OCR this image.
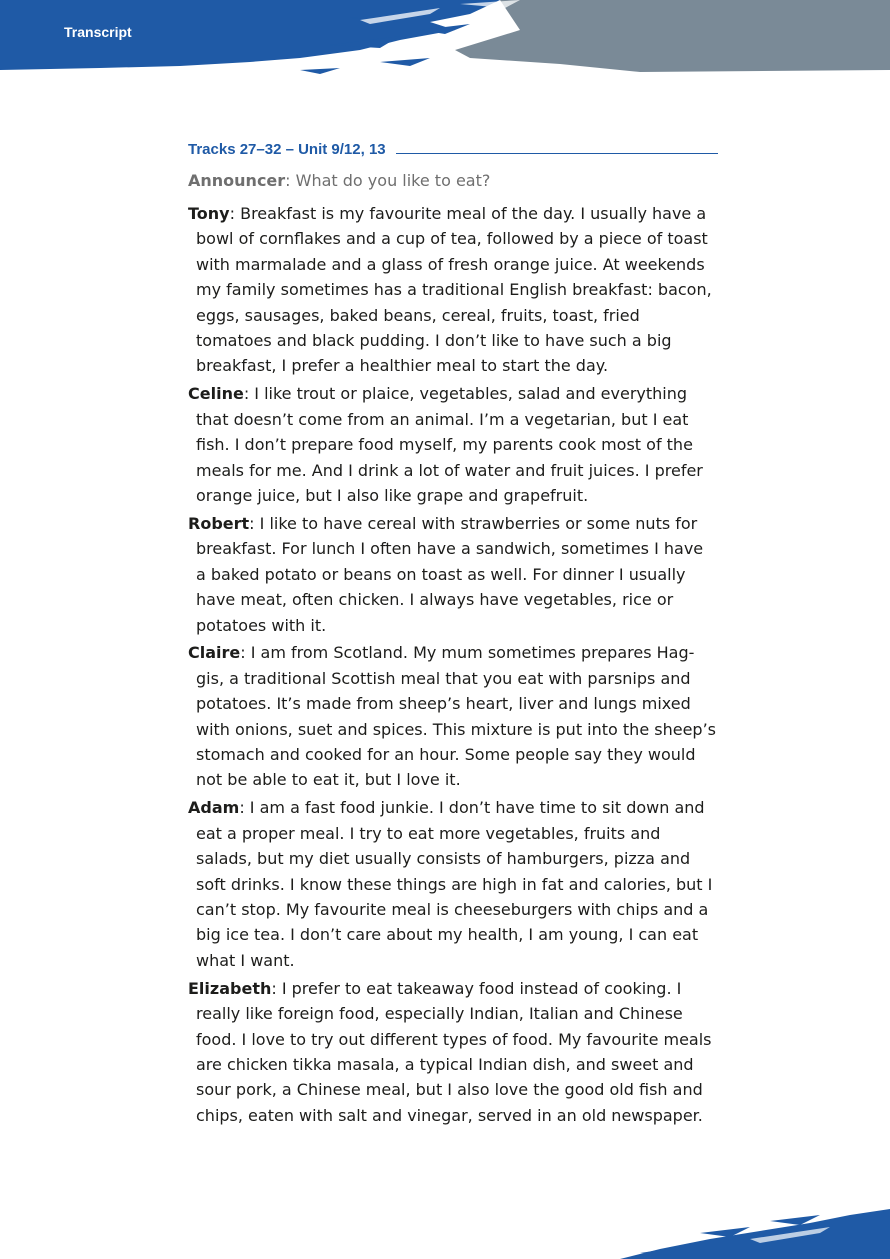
Transcript
Tracks 27–32 – Unit 9/12, 13
Announcer: What do you like to eat?
Tony: Breakfast is my favourite meal of the day. I usually have a bowl of cornflakes and a cup of tea, followed by a piece of toast with marmalade and a glass of fresh orange juice. At weekends my family sometimes has a traditional English breakfast: bacon, eggs, sausages, baked beans, cereal, fruits, toast, fried tomatoes and black pudding. I don’t like to have such a big breakfast, I prefer a healthier meal to start the day.
Celine: I like trout or plaice, vegetables, salad and everything that doesn’t come from an animal. I’m a vegetarian, but I eat fish. I don’t prepare food myself, my parents cook most of the meals for me. And I drink a lot of water and fruit juices. I prefer orange juice, but I also like grape and grapefruit.
Robert: I like to have cereal with strawberries or some nuts for breakfast. For lunch I often have a sandwich, sometimes I have a baked potato or beans on toast as well. For dinner I usually have meat, often chicken. I always have vegetables, rice or potatoes with it.
Claire: I am from Scotland. My mum sometimes prepares Hag-gis, a traditional Scottish meal that you eat with parsnips and potatoes. It’s made from sheep’s heart, liver and lungs mixed with onions, suet and spices. This mixture is put into the sheep’s stomach and cooked for an hour. Some people say they would not be able to eat it, but I love it.
Adam: I am a fast food junkie. I don’t have time to sit down and eat a proper meal. I try to eat more vegetables, fruits and salads, but my diet usually consists of hamburgers, pizza and soft drinks. I know these things are high in fat and calories, but I can’t stop. My favourite meal is cheeseburgers with chips and a big ice tea. I don’t care about my health, I am young, I can eat what I want.
Elizabeth: I prefer to eat takeaway food instead of cooking. I really like foreign food, especially Indian, Italian and Chinese food. I love to try out different types of food. My favourite meals are chicken tikka masala, a typical Indian dish, and sweet and sour pork, a Chinese meal, but I also love the good old fish and chips, eaten with salt and vinegar, served in an old newspaper.
